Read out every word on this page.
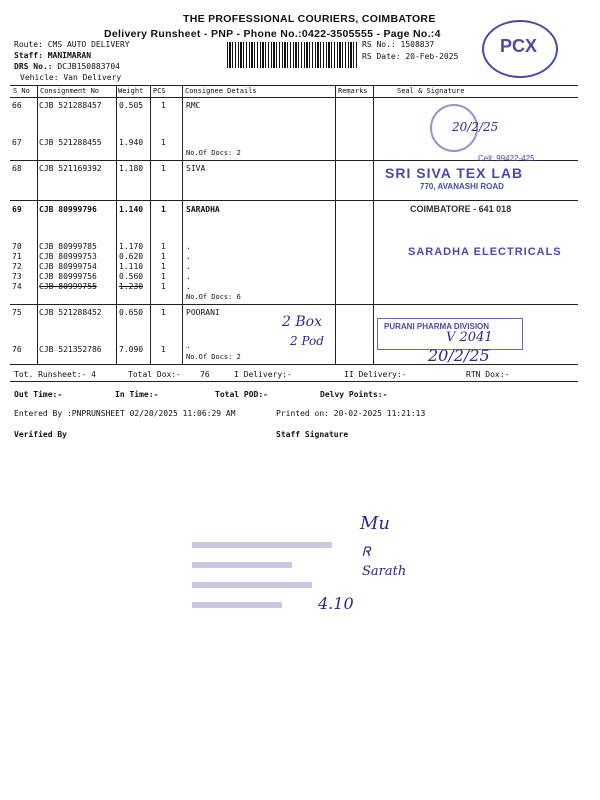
THE PROFESSIONAL COURIERS, COIMBATORE
Delivery Runsheet - PNP - Phone No.:0422-3505555 - Page No.:4
Route: CMS AUTO DELIVERY
Staff: MANIMARAN
DRS No.: DCJB150883704
Vehicle: Van Delivery
RS No.: 1508837
RS Date: 20-Feb-2025
PCX
S No Consignment No	Weight PCS	Consignee Details	Remarks	Seal & Signature
66 CJB 521288457 0.505 1	RMC
67 CJB 521288455 1.940 1
No.Of Docs: 2
68 CJB 521169392 1.180 1	SIVA
69 CJB 80999796	1.140 1	SARADHA
70 CJB 80999785	1.170 1	.
71 CJB 80999753	0.620 1	.
72 CJB 80999754	1.110 1	.
73 CJB 80999756	0.560 1	.
74 CJB 80999755	1.230 1	.
No.Of Docs: 6
75 CJB 521288452 0.650 1	POORANI
76 CJB 521352786 7.090 1	.
No.Of Docs: 2
20/2/25
Cell: 99422-425
SRI SIVA TEX LAB
770, AVANASHI ROAD
COIMBATORE - 641 018
SARADHA ELECTRICALS
2 Box
2 Pod
PURANI PHARMA DIVISION
V 2041
20/2/25
Tot. Runsheet:- 4	Total Dox:- 76	I Delivery:-	II Delivery:-	RTN Dox:-
Out Time:-	In Time:-	Total POD:-	Delvy Points:-
Entered By :PNPRUNSHEET 02/20/2025 11:06:29 AM	Printed on: 20-02-2025 11:21:13
Verified By	Staff Signature
Mu
Ꮢ
Sarath
4.10
